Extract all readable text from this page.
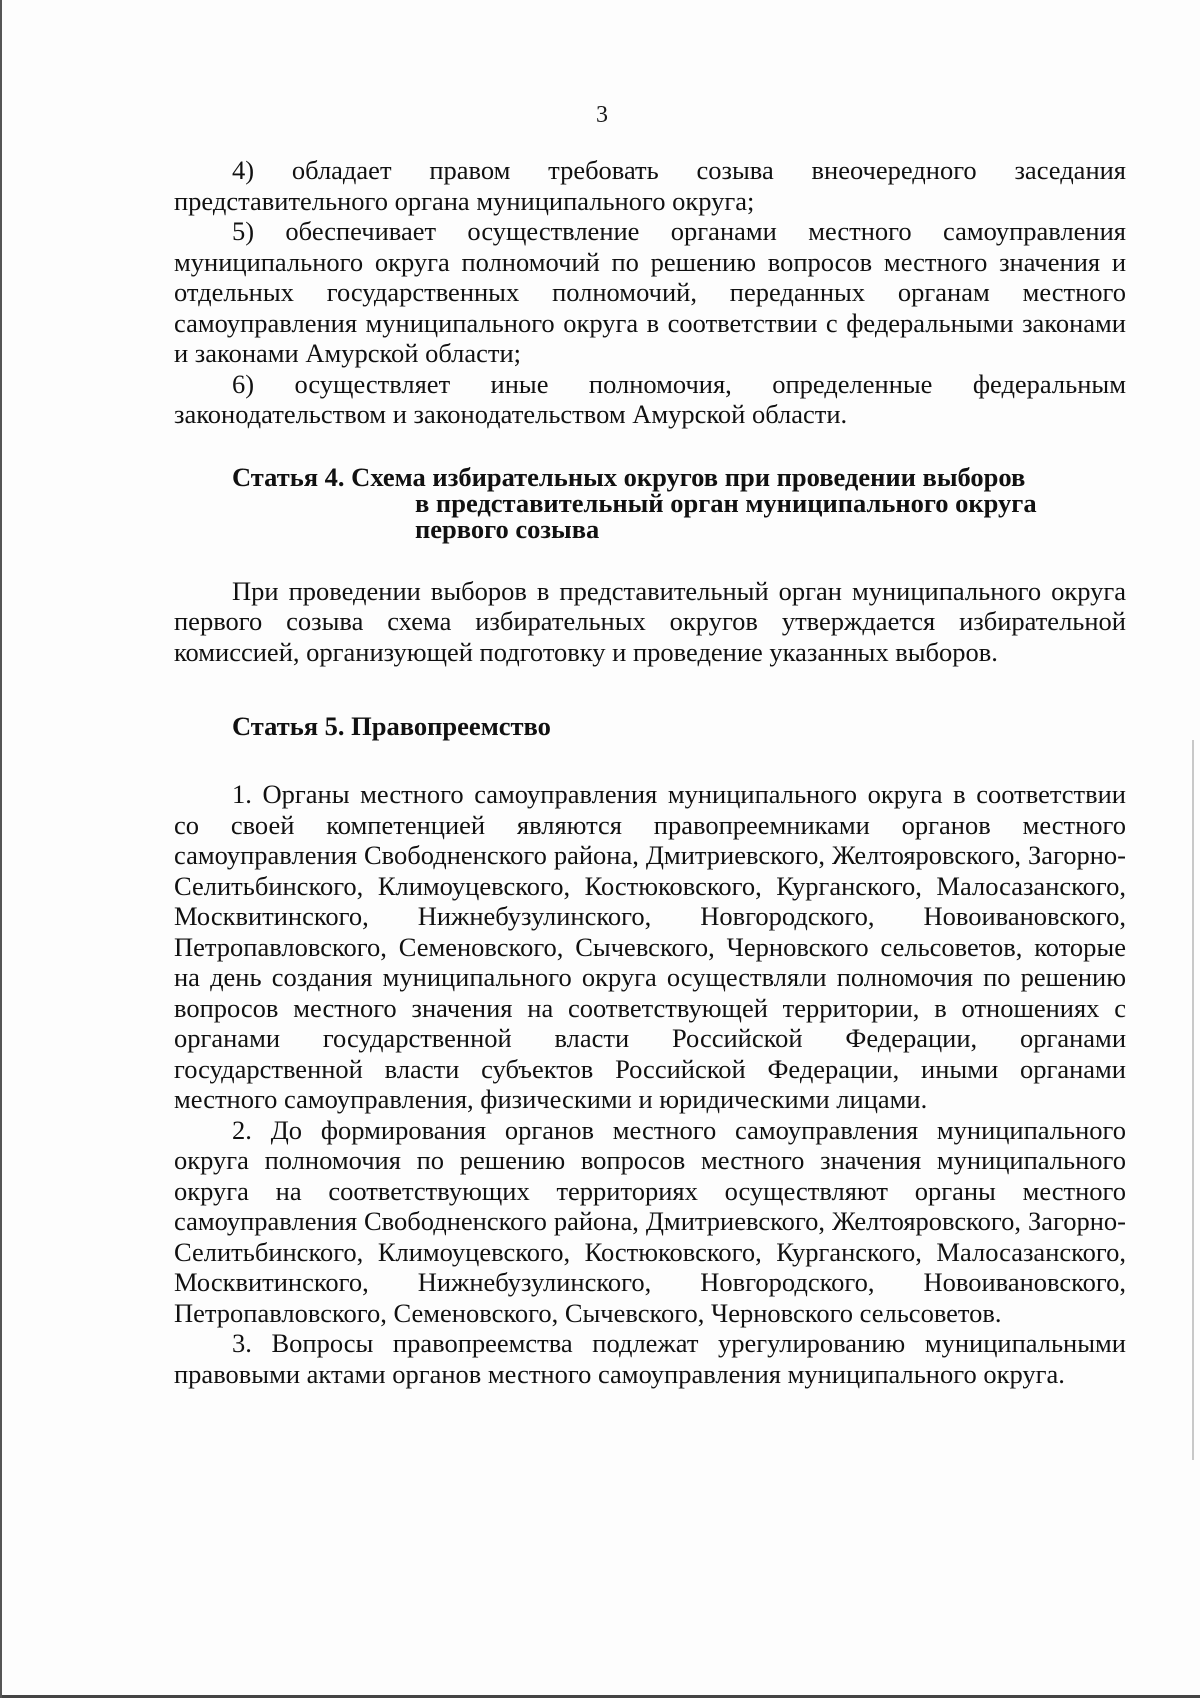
3

4) обладает правом требовать созыва внеочередного заседания представительного органа муниципального округа;

5) обеспечивает осуществление органами местного самоуправления муниципального округа полномочий по решению вопросов местного значения и отдельных государственных полномочий, переданных органам местного самоуправления муниципального округа в соответствии с федеральными законами и законами Амурской области;

6) осуществляет иные полномочия, определенные федеральным законодательством и законодательством Амурской области.

Статья 4. Схема избирательных округов при проведении выборов
в представительный орган муниципального округа
первого созыва

При проведении выборов в представительный орган муниципального округа первого созыва схема избирательных округов утверждается избирательной комиссией, организующей подготовку и проведение указанных выборов.

Статья 5. Правопреемство

1. Органы местного самоуправления муниципального округа в соответствии со своей компетенцией являются правопреемниками органов местного самоуправления Свободненского района, Дмитриевского, Желтояровского, Загорно-Селитьбинского, Климоуцевского, Костюковского, Курганского, Малосазанского, Москвитинского, Нижнебузулинского, Новгородского, Новоивановского, Петропавловского, Семеновского, Сычевского, Черновского сельсоветов, которые на день создания муниципального округа осуществляли полномочия по решению вопросов местного значения на соответствующей территории, в отношениях с органами государственной власти Российской Федерации, органами государственной власти субъектов Российской Федерации, иными органами местного самоуправления, физическими и юридическими лицами.

2. До формирования органов местного самоуправления муниципального округа полномочия по решению вопросов местного значения муниципального округа на соответствующих территориях осуществляют органы местного самоуправления Свободненского района, Дмитриевского, Желтояровского, Загорно-Селитьбинского, Климоуцевского, Костюковского, Курганского, Малосазанского, Москвитинского, Нижнебузулинского, Новгородского, Новоивановского, Петропавловского, Семеновского, Сычевского, Черновского сельсоветов.

3. Вопросы правопреемства подлежат урегулированию муниципальными правовыми актами органов местного самоуправления муниципального округа.
